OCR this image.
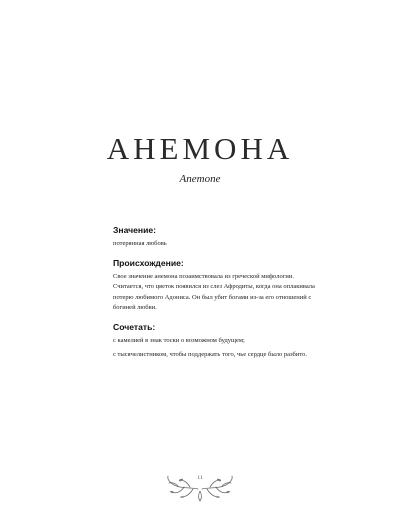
АНЕМОНА

Anemone

Значение:

потерянная любовь

Происхождение:

Свое значение анемона позаимствовала из греческой мифологии. Считается, что цветок появился из слез Афродиты, когда она оплакивала потерю любимого Адониса. Он был убит богами из-за его отношений с богиней любви.

Сочетать:

с камелией в знак тоски о возможном будущем;

с тысячелистником, чтобы поддержать того, чье сердце было разбито.

11
